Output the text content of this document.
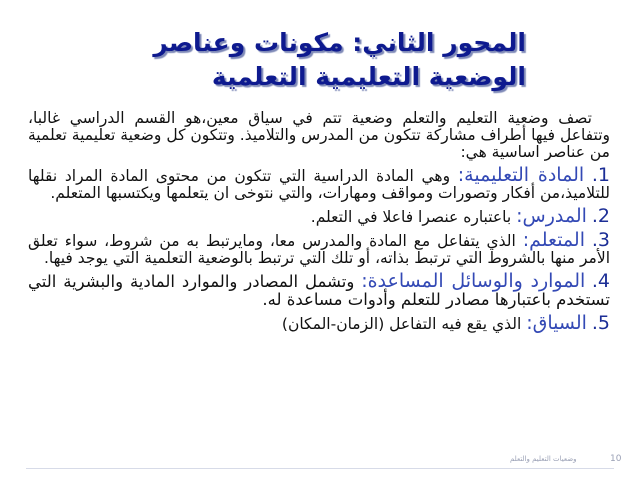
المحور الثاني: مكونات وعناصر الوضعية التعليمية التعلمية

تصف وضعية التعليم والتعلم وضعية تتم في سياق معين،هو القسم الدراسي غالبا، وتتفاعل فيها أطراف مشاركة تتكون من المدرس والتلاميذ. وتتكون كل وضعية تعليمية تعلمية من عناصر اساسية هي:

1. المادة التعليمية: وهي المادة الدراسية التي تتكون من محتوى المادة المراد نقلها للتلاميذ،من أفكار وتصورات ومواقف ومهارات، والتي نتوخى ان يتعلمها ويكتسبها المتعلم.

2. المدرس: باعتباره عنصرا فاعلا في التعلم.

3. المتعلم: الذي يتفاعل مع المادة والمدرس معا، ومايرتبط به من شروط، سواء تعلق الأمر منها بالشروط التي ترتبط بذاته، أو تلك التي ترتبط بالوضعية التعلمية التي يوجد فيها.

4. الموارد والوسائل المساعدة: وتشمل المصادر والموارد المادية والبشرية التي تستخدم باعتبارها مصادر للتعلم وأدوات مساعدة له.

5. السياق: الذي يقع فيه التفاعل (الزمان-المكان)

وضعيات التعليم والتعلم	10
